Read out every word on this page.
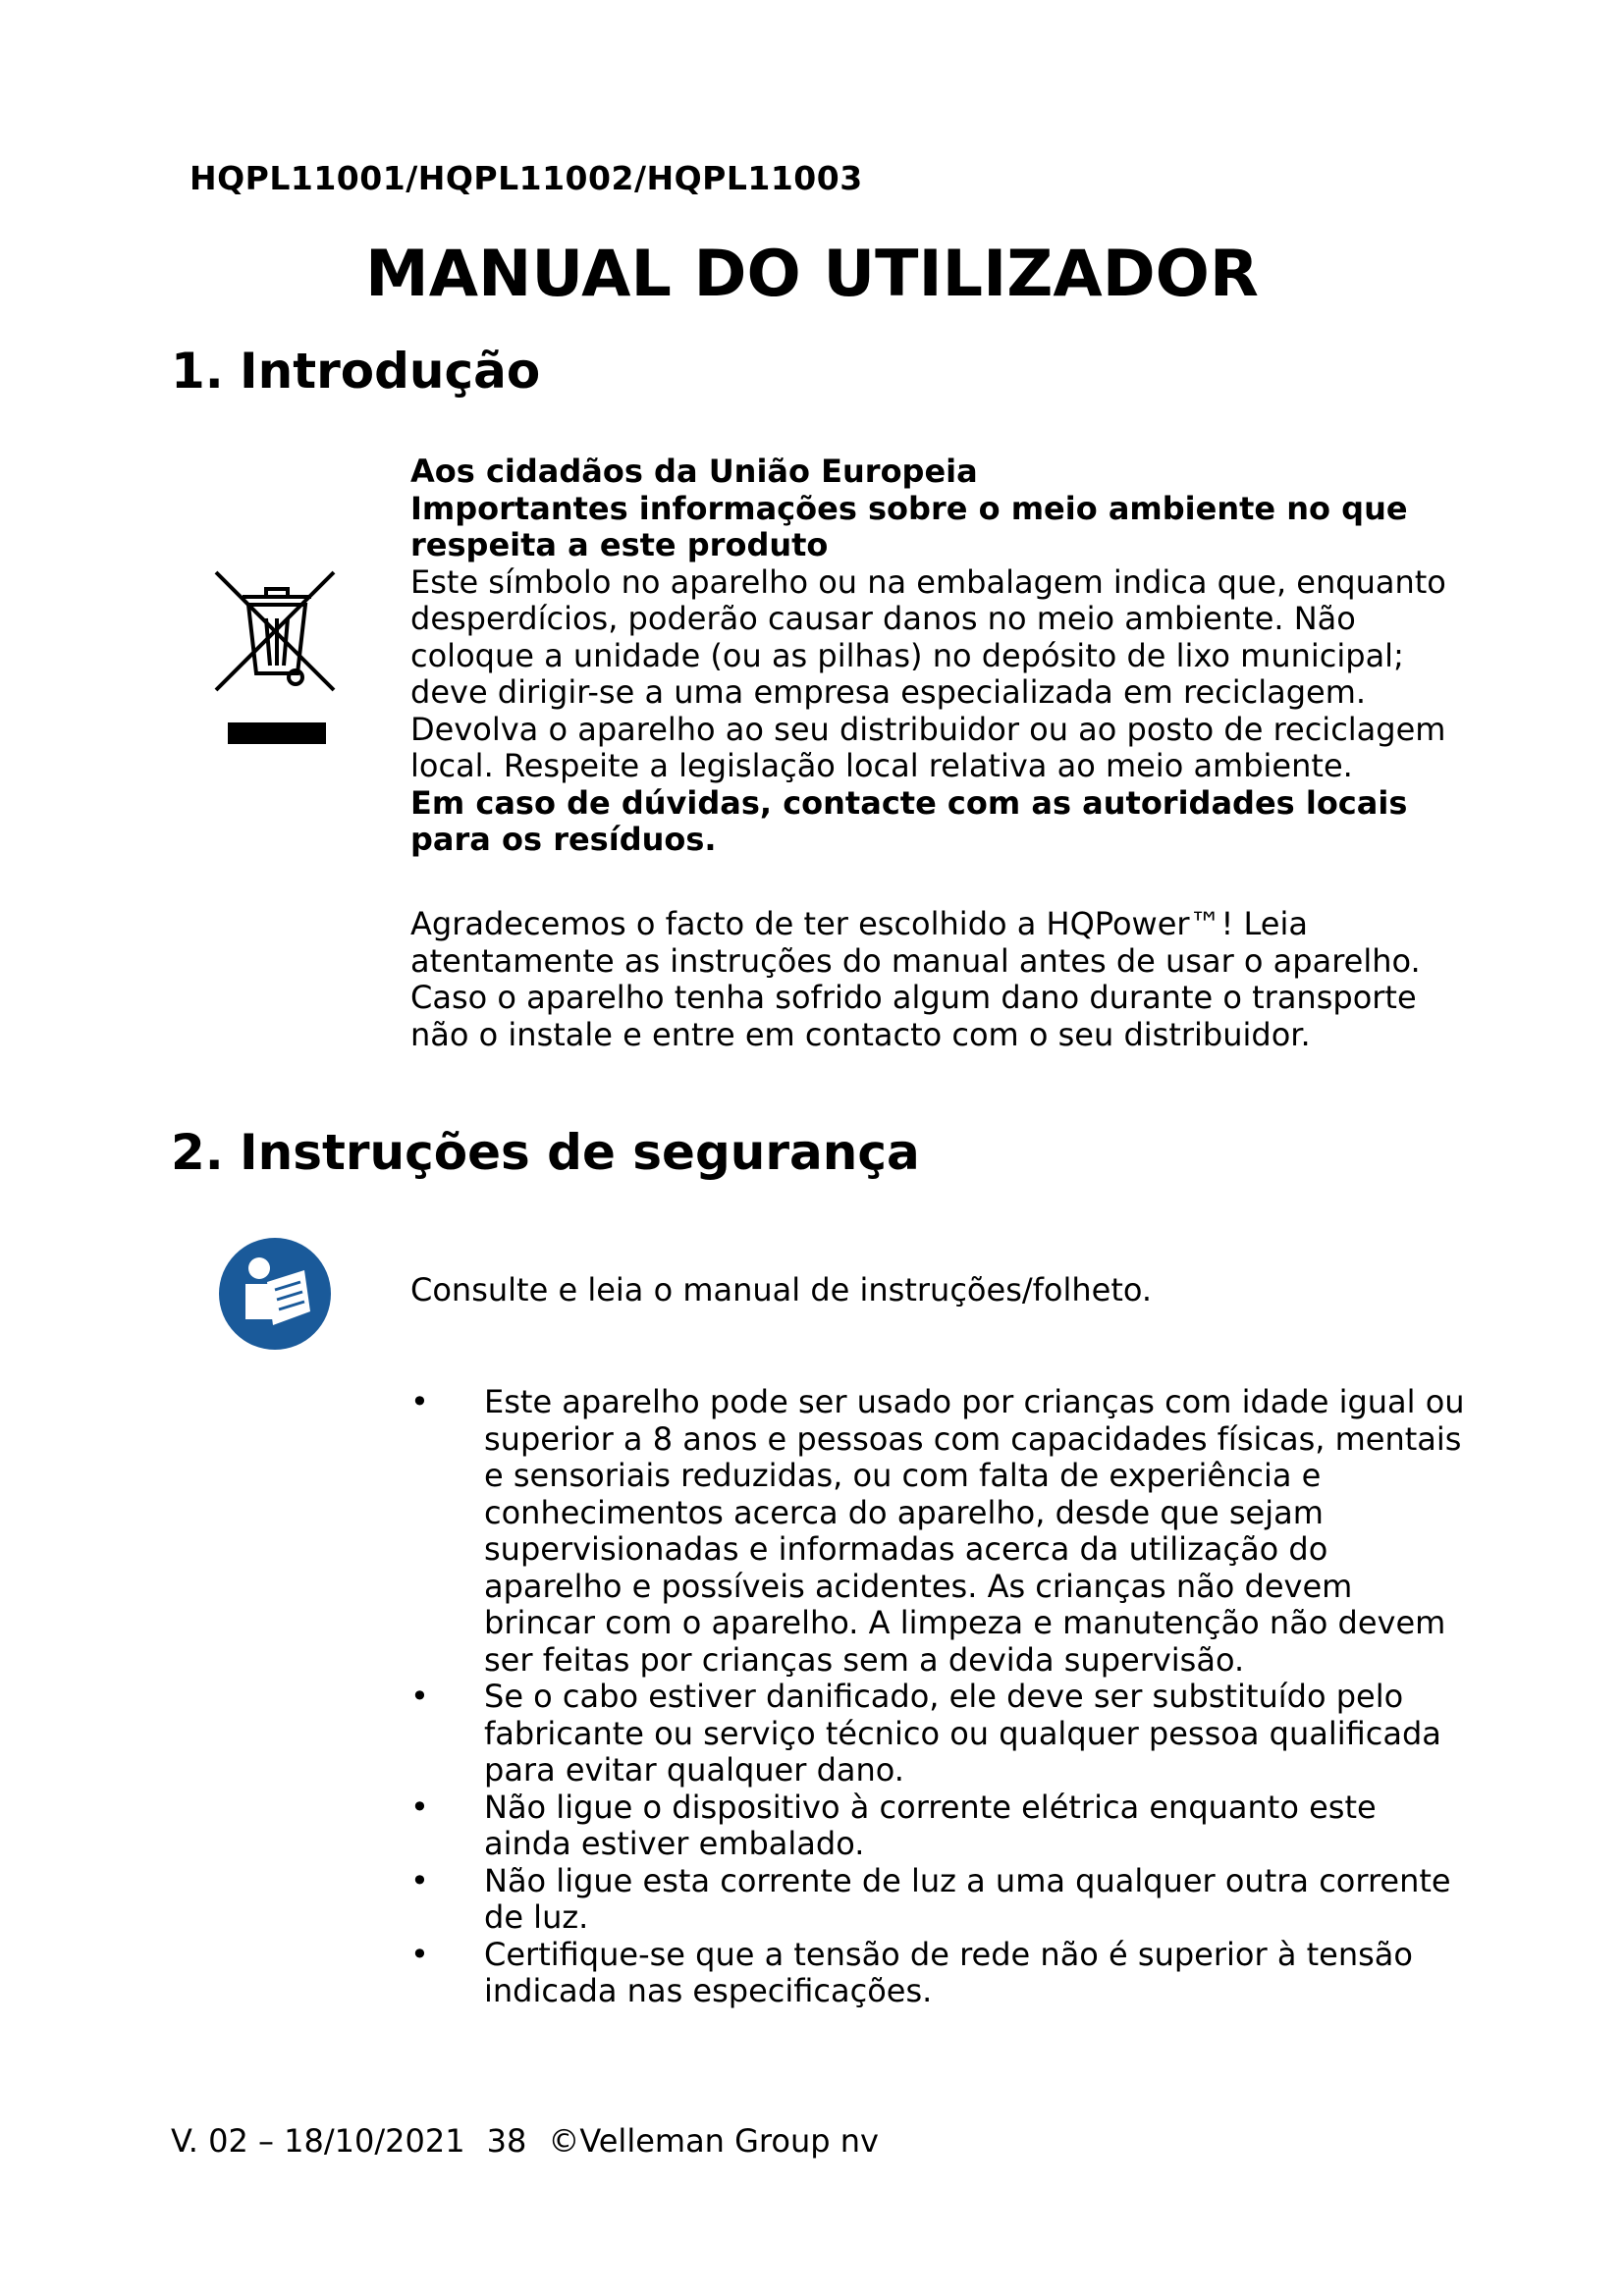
HQPL11001/HQPL11002/HQPL11003
MANUAL DO UTILIZADOR
1. Introdução

Aos cidadãos da União Europeia

Importantes informações sobre o meio ambiente no que respeita a este produto

Este símbolo no aparelho ou na embalagem indica que, enquanto desperdícios, poderão causar danos no meio ambiente. Não coloque a unidade (ou as pilhas) no depósito de lixo municipal; deve dirigir-se a uma empresa especializada em reciclagem. Devolva o aparelho ao seu distribuidor ou ao posto de reciclagem local. Respeite a legislação local relativa ao meio ambiente.

Em caso de dúvidas, contacte com as autoridades locais para os resíduos.

Agradecemos o facto de ter escolhido a HQPower™! Leia atentamente as instruções do manual antes de usar o aparelho. Caso o aparelho tenha sofrido algum dano durante o transporte não o instale e entre em contacto com o seu distribuidor.
2. Instruções de segurança
Consulte e leia o manual de instruções/folheto.
•	Este aparelho pode ser usado por crianças com idade igual ou superior a 8 anos e pessoas com capacidades físicas, mentais e sensoriais reduzidas, ou com falta de experiência e conhecimentos acerca do aparelho, desde que sejam supervisionadas e informadas acerca da utilização do aparelho e possíveis acidentes. As crianças não devem brincar com o aparelho. A limpeza e manutenção não devem ser feitas por crianças sem a devida supervisão.
•	Se o cabo estiver danificado, ele deve ser substituído pelo fabricante ou serviço técnico ou qualquer pessoa qualificada para evitar qualquer dano.
•	Não ligue o dispositivo à corrente elétrica enquanto este ainda estiver embalado.
•	Não ligue esta corrente de luz a uma qualquer outra corrente de luz.
•	Certifique-se que a tensão de rede não é superior à tensão indicada nas especificações.
V. 02 – 18/10/2021 38 ©Velleman Group nv
